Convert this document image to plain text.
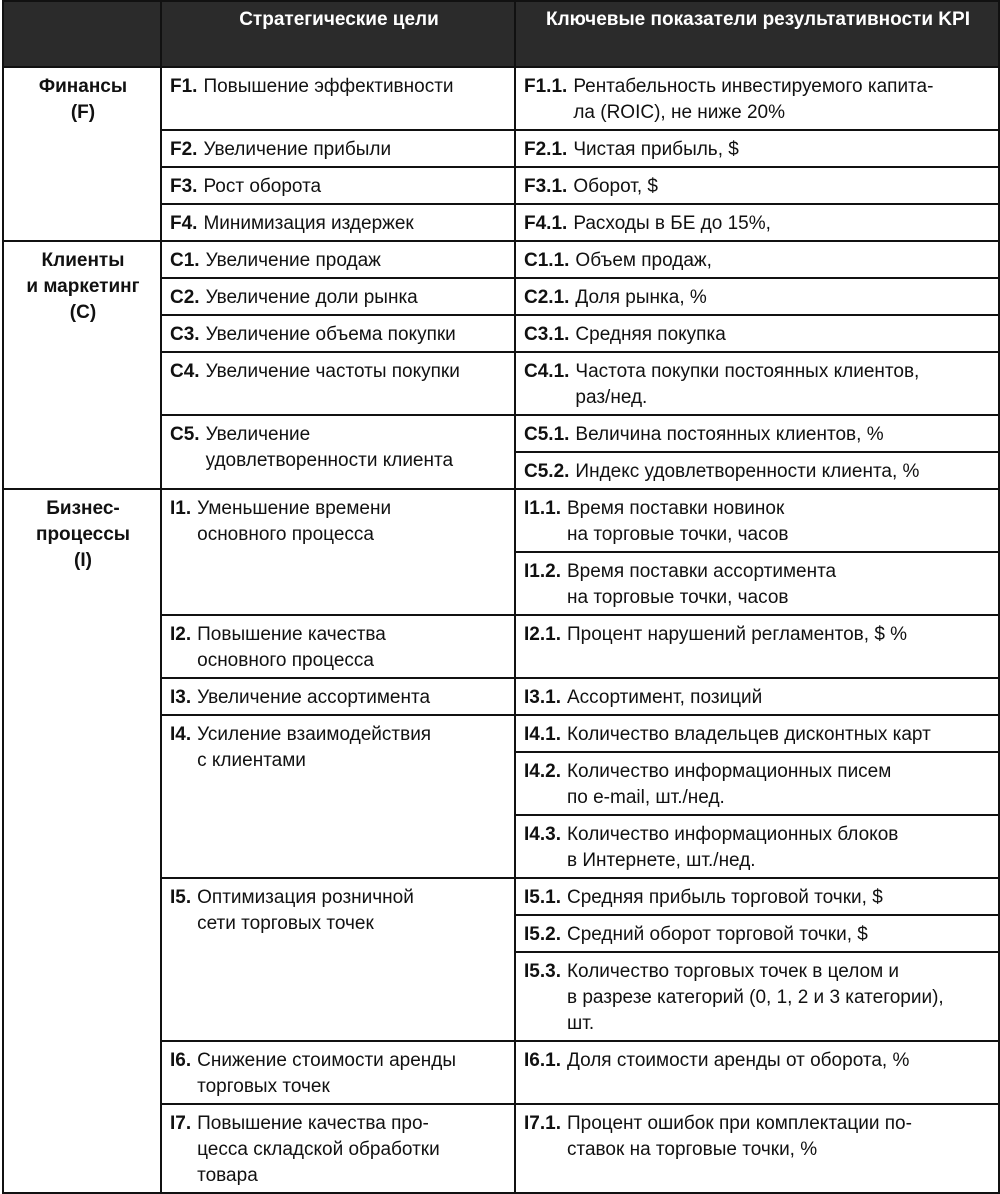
	Стратегические цели	Ключевые показатели результативности KPI
Финансы
(F)	F1. Повышение эффективности	F1.1. Рентабельность инвестируемого капита-
ла (ROIC), не ниже 20%

	F2. Увеличение прибыли	F2.1. Чистая прибыль, $

	F3. Рост оборота	F3.1. Оборот, $

	F4. Минимизация издержек	F4.1. Расходы в БЕ до 15%,

Клиенты
и маркетинг
(C)	C1. Увеличение продаж	C1.1. Объем продаж,

	C2. Увеличение доли рынка	C2.1. Доля рынка, %

	C3. Увеличение объема покупки	C3.1. Средняя покупка

	C4. Увеличение частоты покупки	C4.1. Частота покупки постоянных клиентов,
раз/нед.

	C5. Увеличение
удовлетворенности клиента	C5.1. Величина постоянных клиентов, %

		C5.2. Индекс удовлетворенности клиента, %

Бизнес-
процессы
(I)	I1. Уменьшение времени
основного процесса	I1.1. Время поставки новинок
на торговые точки, часов

		I1.2. Время поставки ассортимента
на торговые точки, часов

	I2. Повышение качества
основного процесса	I2.1. Процент нарушений регламентов, $ %

	I3. Увеличение ассортимента	I3.1. Ассортимент, позиций

	I4. Усиление взаимодействия
с клиентами	I4.1. Количество владельцев дисконтных карт

		I4.2. Количество информационных писем
по e-mail, шт./нед.

		I4.3. Количество информационных блоков
в Интернете, шт./нед.

	I5. Оптимизация розничной
сети торговых точек	I5.1. Средняя прибыль торговой точки, $

		I5.2. Средний оборот торговой точки, $

		I5.3. Количество торговых точек в целом и
в разрезе категорий (0, 1, 2 и 3 категории),
шт.

	I6. Снижение стоимости аренды
торговых точек	I6.1. Доля стоимости аренды от оборота, %

	I7. Повышение качества про-
цесса складской обработки
товара	I7.1. Процент ошибок при комплектации по-
ставок на торговые точки, %
